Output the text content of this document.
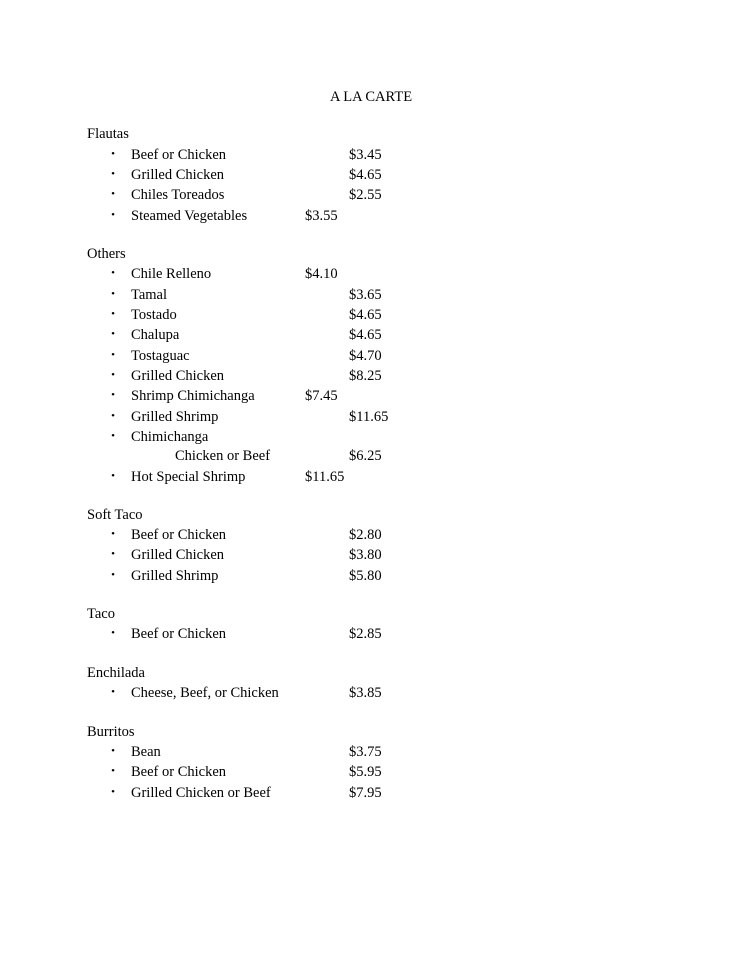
A LA CARTE
Flautas
• Beef or Chicken	$3.45
• Grilled Chicken	$4.65
• Chiles Toreados	$2.55
• Steamed Vegetables	$3.55
Others
• Chile Relleno	$4.10
• Tamal	$3.65
• Tostado	$4.65
• Chalupa	$4.65
• Tostaguac	$4.70
• Grilled Chicken	$8.25
• Shrimp Chimichanga	$7.45
• Grilled Shrimp	$11.65
• Chimichanga
Chicken or Beef	$6.25
• Hot Special Shrimp	$11.65
Soft Taco
• Beef or Chicken	$2.80
• Grilled Chicken	$3.80
• Grilled Shrimp	$5.80
Taco
• Beef or Chicken	$2.85
Enchilada
• Cheese, Beef, or Chicken	$3.85
Burritos
• Bean	$3.75
• Beef or Chicken	$5.95
• Grilled Chicken or Beef	$7.95
